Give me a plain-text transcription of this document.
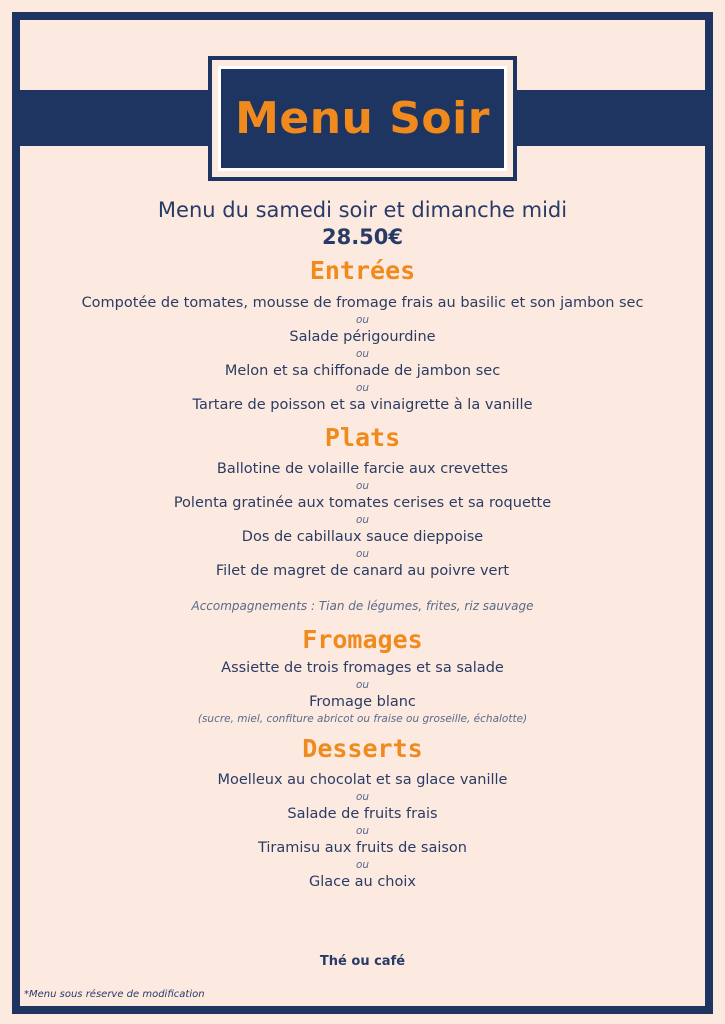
Menu Soir
Menu du samedi soir et dimanche midi
28.50€
Entrées
Compotée de tomates, mousse de fromage frais au basilic et son jambon sec
ou
Salade périgourdine
ou
Melon et sa chiffonade de jambon sec
ou
Tartare de poisson et sa vinaigrette à la vanille
Plats
Ballotine de volaille farcie aux crevettes
ou
Polenta gratinée aux tomates cerises et sa roquette
ou
Dos de cabillaux sauce dieppoise
ou
Filet de magret de canard au poivre vert
Accompagnements : Tian de légumes, frites, riz sauvage
Fromages
Assiette de trois fromages et sa salade
ou
Fromage blanc
(sucre, miel, confiture abricot ou fraise ou groseille, échalotte)
Desserts
Moelleux au chocolat et sa glace vanille
ou
Salade de fruits frais
ou
Tiramisu aux fruits de saison
ou
Glace au choix
Thé ou café
*Menu sous réserve de modification
